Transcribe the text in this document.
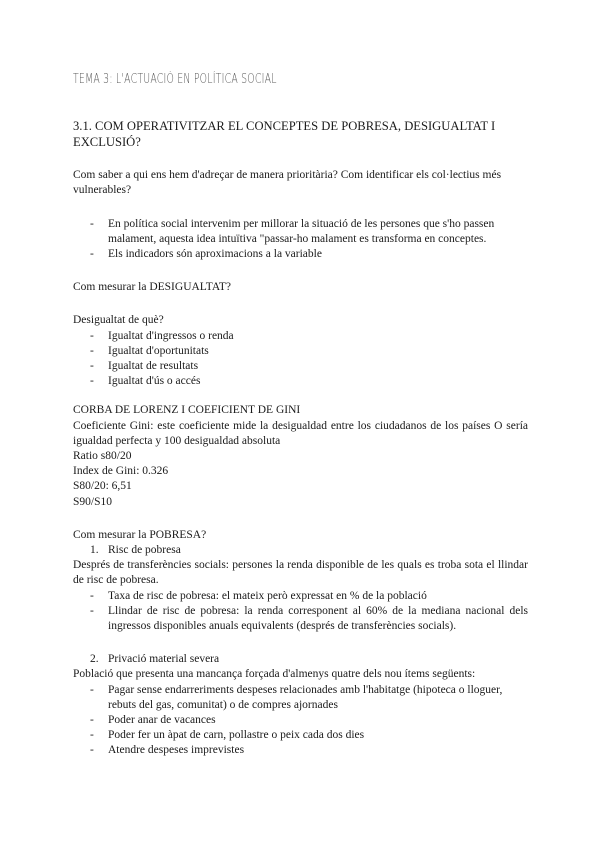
TEMA 3: L'ACTUACIÓ EN POLÍTICA SOCIAL

3.1. COM OPERATIVITZAR EL CONCEPTES DE POBRESA, DESIGUALTAT I EXCLUSIÓ?

Com saber a qui ens hem d'adreçar de manera prioritària? Com identificar els col·lectius més vulnerables?

- En política social intervenim per millorar la situació de les persones que s'ho passen malament, aquesta idea intuïtiva "passar-ho malament es transforma en conceptes.
- Els indicadors són aproximacions a la variable

Com mesurar la DESIGUALTAT?

Desigualtat de què?

- Igualtat d'ingressos o renda
- Igualtat d'oportunitats
- Igualtat de resultats
- Igualtat d'ús o accés

CORBA DE LORENZ I COEFICIENT DE GINI

Coeficiente Gini: este coeficiente mide la desigualdad entre los ciudadanos de los países O sería igualdad perfecta y 100 desigualdad absoluta

Ratio s80/20

Index de Gini: 0.326

S80/20: 6,51

S90/S10

Com mesurar la POBRESA?

1. Risc de pobresa

Després de transferències socials: persones la renda disponible de les quals es troba sota el llindar de risc de pobresa.

- Taxa de risc de pobresa: el mateix però expressat en % de la població
- Llindar de risc de pobresa: la renda corresponent al 60% de la mediana nacional dels ingressos disponibles anuals equivalents (després de transferències socials).
2. Privació material severa

Població que presenta una mancança forçada d'almenys quatre dels nou ítems següents:

- Pagar sense endarreriments despeses relacionades amb l'habitatge (hipoteca o lloguer, rebuts del gas, comunitat) o de compres ajornades
- Poder anar de vacances
- Poder fer un àpat de carn, pollastre o peix cada dos dies
- Atendre despeses imprevistes
